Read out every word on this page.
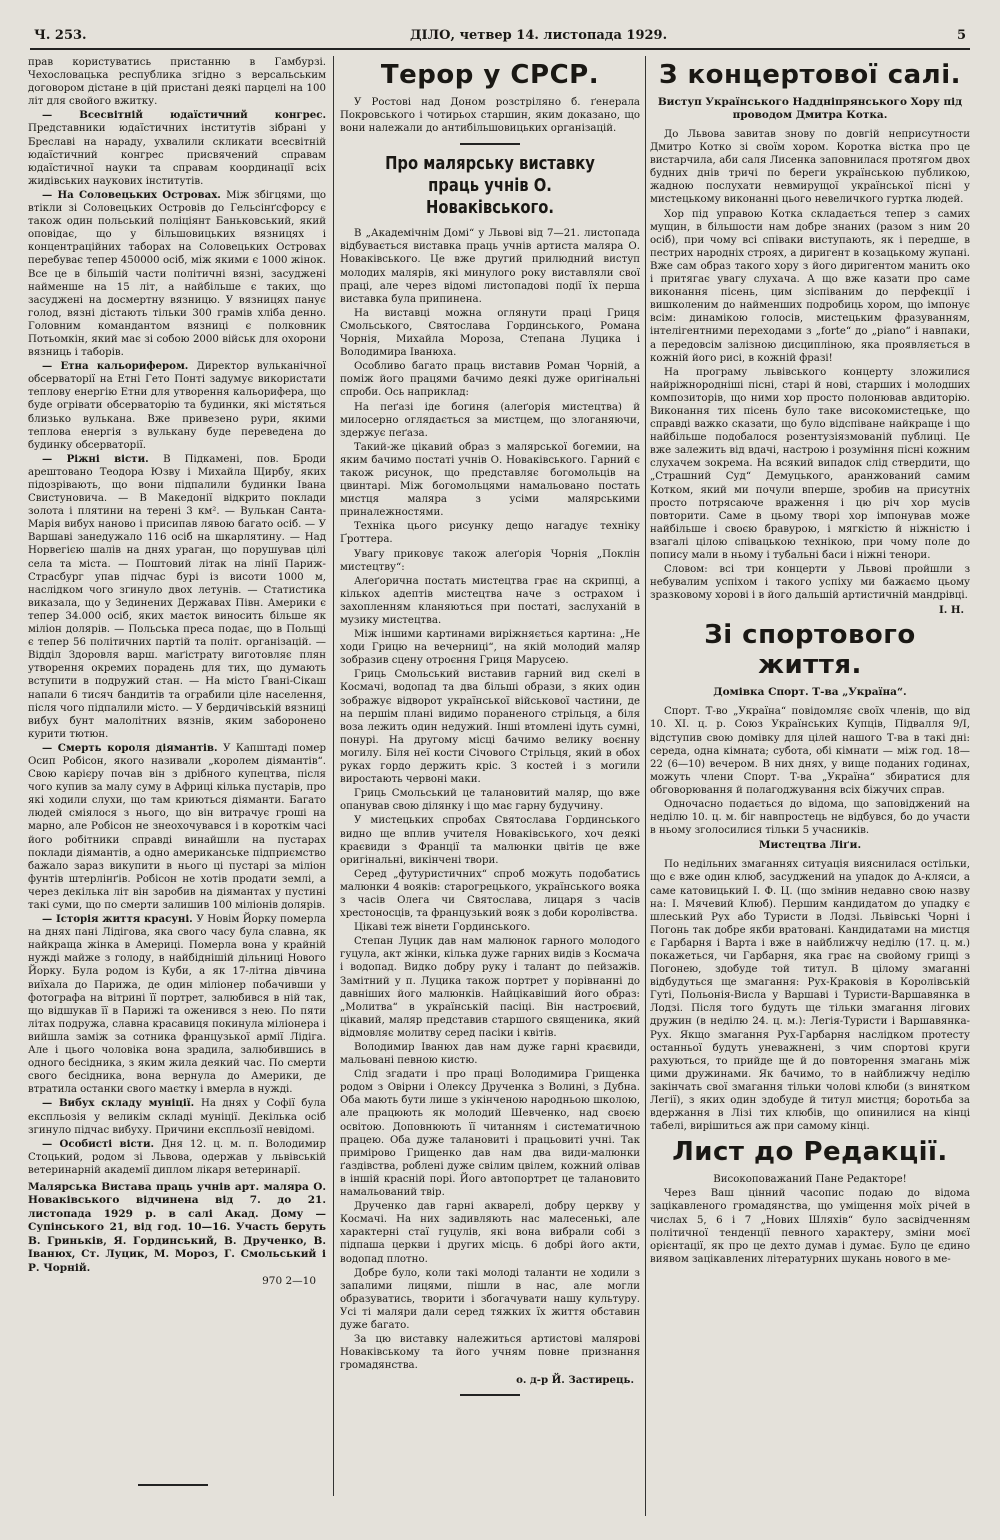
Ч. 253.	ДІЛО, четвер 14. листопада 1929.	5

прав користуватись пристанню в Гамбурзі. Чехословацька республика згідно з версальським договором дістане в цій пристані деякі парцелі на 100 літ для свойого вжитку.

— Всесвітній юдаїстичний конгрес. Представники юдаїстичних інститутів зібрані у Бреславі на нараду, ухвалили скликати всесвітній юдаїстичний конгрес присвячений справам юдаїстичної науки та справам координації всіх жидівських наукових інститутів.

— На Соловецьких Островах. Між збігцями, що втікли зі Соловецьких Островів до Гельсінґсфорсу є також один польський поліціянт Баньковський, який оповідає, що у більшовицьких вязницях і концентраційних таборах на Соловецьких Островах перебуває тепер 450000 осіб, між якими є 1000 жінок. Все це в більшій части політичні вязні, засуджені найменше на 15 літ, а найбільше є таких, що засуджені на досмертну вязницю. У вязницях панує голод, вязні дістають тільки 300 грамів хліба денно. Головним командантом вязниці є полковник Потьомкін, який має зі собою 2000 військ для охорони вязниць і таборів.

— Етна кальорифером. Директор вульканічної обсерваторії на Етні Гето Понті задумує використати теплову енергію Етни для утворення кальорифера, що буде огрівати обсерваторію та будинки, які містяться близько вульканa. Вже привезено рури, якими теплова енергія з вулькану буде переведена до будинку обсерваторії.

— Ріжні вісти. В Підкамені, пов. Броди арештовано Теодора Юзву і Михайла Щирбу, яких підозрівають, що вони підпалили будинки Івана Свистуновича. — В Македонії відкрито поклади золота і плятини на терені 3 км². — Вулькан Санта-Марія вибух наново і присипав лявою багато осіб. — У Варшаві занедужало 116 осіб на шкарлятину. — Над Норвегією шалів на днях ураган, що порушував цілі села та міста. — Поштовий літак на лінії Париж-Страсбург упав підчас бурі із висоти 1000 м, наслідком чого згинуло двох летунів. — Статистика виказала, що у Зединених Державах Півн. Америки є тепер 34.000 осіб, яких маєток виносить більше як міліон долярів. — Польська преса подає, що в Польщі є тепер 56 політичних партій та політ. організацій. — Відділ Здоровля варш. маґістрату виготовляє плян утворення окремих порадень для тих, що думають вступити в подружий стан. — На місто Ґвані-Сікаш напали 6 тисяч бандитів та ограбили ціле населення, після чого підпалили місто. — У бердичівській вязниці вибух бунт малолітних вязнів, яким заборонено курити тютюн.

— Смерть короля діямантів. У Капштаді помер Осип Робісон, якого називали „королем діямантів“. Свою карієру почав він з дрібного купецтва, після чого купив за малу суму в Африці кілька пустарів, про які ходили слухи, що там криються діяманти. Багато людей сміялося з нього, що він витрачує гроші на марно, але Робісон не знеохочувався і в короткім часі його робітники справді винайшли на пустарах поклади діямантів, а одно американське підприємство бажало зараз викупити в нього ці пустарі за міліон фунтів штерлінґів. Робісон не хотів продати землі, а через декілька літ він заробив на діямантах у пустині такі суми, що по смерти залишив 100 міліонів долярів.

— Історія життя красуні. У Новім Йорку померла на днях пані Лідігова, яка свого часу була славна, як найкраща жінка в Америці. Померла вона у крайній нужді майже з голоду, в найбіднішій дільниці Нового Йорку. Була родом із Куби, а як 17-літна дівчина виїхала до Парижа, де один міліонер побачивши у фотографа на вітрині її портрет, залюбився в ній так, що відшукав її в Парижі та оженився з нею. По пяти літах подружа, славна красавиця покинула міліонера і вийшла заміж за сотника французької армії Лідіга. Але і цього чоловіка вона зрадила, залюбившись в одного бесідника, з яким жила деякий час. По смерти свого бесідника, вона вернула до Америки, де втратила останки свого маєтку і вмерла в нужді.

— Вибух складу муніції. На днях у Софії була експльозія у великім складі муніції. Декілька осіб згинуло підчас вибуху. Причини експльозії невідомі.

— Особисті вісти. Дня 12. ц. м. п. Володимир Стоцький, родом зі Львова, одержав у львівській ветеринарній академії диплом лікаря ветеринарії.

Малярська Виставa праць учнів арт. маляра О. Новаківського відчинена від 7. до 21. листопада 1929 р. в салі Акад. Дому — Супінського 21, від год. 10—16. Участь беруть В. Гриньків, Я. Гординський, В. Друченко, В. Іванюх, Ст. Луцик, М. Мороз, Г. Смольський і Р. Чорній.
970 2—10
Терор у СРСР.

У Ростові над Доном розстріляно б. ґенерала Покровського і чотирьох старшин, яким доказано, що вони належали до антибільшовицьких організацій.

Про малярську виставку праць учнів О. Новаківського.

В „Академічнім Домі“ у Львові від 7—21. листопада відбувається виставка праць учнів артиста маляра О. Новаківського. Це вже другий прилюдний виступ молодих малярів, які минулого року виставляли свої праці, але через відомі листопадові події їх перша виставка була припинена.

На виставці можна оглянути праці Гриця Смольського, Святослава Гординського, Романа Чорнія, Михайла Мороза, Степана Луцика і Володимира Іванюха.

Особливо багато праць виставив Роман Чорній, а поміж його працями бачимо деякі дуже оригінальні спроби. Ось наприклад:

На пеґазі іде богиня (алеґорія мистецтва) й милосерно оглядається за мистцем, що злоганяючи, здержує пеґаза.

Такий-же цікавий образ з малярської богемии, на яким бачимо постаті учнів О. Новаківського. Гарний є також рисунок, що представляє богомольців на цвинтарі. Між богомольцями намальовано постать мистця маляра з усіми малярськими приналежностями.

Техніка цього рисунку дещо нагадує техніку Ґроттера.

Увагу приковує також алеґорія Чорнія „Поклін мистецтву“:

Алеґорична постать мистецтва грає на скрипці, а кількох адептів мистецтва наче з острахом і захопленням кланяються при постаті, заслуханій в музику мистецтва.

Між іншими картинами виріжняється картина: „Не ходи Грицю на вечерниці“, на якій молодий маляр зобразив сцену отроєння Гриця Марусею.

Гриць Смольський виставив гарний вид скелі в Космачі, водопад та два більші образи, з яких один зображує відворот української військової частини, де на першім плані видимо пораненого стрільця, а біля воза лежить один недужий. Інші втомлені ідуть сумні, понурі. На другому місці бачимо велику воєнну могилу. Біля неї кости Січового Стрільця, який в обох руках гордо держить кріс. З костей і з могили виростають червоні маки.

Гриць Смольський це талановитий маляр, що вже опанував свою ділянку і що має гарну будучину.

У мистецьких спробах Святослава Гординського видно ще вплив учителя Новаківського, хоч деякі краєвиди з Франції та малюнки цвітів це вже оригінальні, викінчені твори.

Серед „футуристичних“ спроб можуть подобатись малюнки 4 вояків: старогрецького, українського вояка з часів Олега чи Святослава, лицаря з часів хрестоносців, та французький вояк з доби королівства.

Цікаві теж вінети Гординського.

Степан Луцик дав нам малюнок гарного молодого гуцула, акт жінки, кілька дуже гарних видів з Космача і водопад. Видко добру руку і талант до пейзажів. Замітний у п. Луцика також портрет у порівнанні до давніших його малюнків. Найцікавіший його образ: „Молитва“ в українській пасіці. Він настроєвий, цікавий, маляр представив старшого священика, який відмовляє молитву серед пасіки і квітів.

Володимир Іванюх дав нам дуже гарні краєвиди, мальовані певною кистю.

Слід згадати і про праці Володимира Грищенка родом з Овірни і Олексу Друченка з Волині, з Дубна. Оба мають бути лише з укінченою народньою школою, але працюють як молодий Шевченко, над своєю освітою. Доповнюють її читанням і систематичною працею. Оба дуже талановиті і працьовиті учні. Так примірово Грищенко дав нам два види-малюнки ґаздівства, роблені дуже свілим цвілем, кожний олівав в іншій красній порі. Його автопортрет це талановито намальований твір.

Друченко дав гарні акварелі, добру церкву у Космачі. На них задивляють нас малесенькі, але характерні стаї гуцулів, які вона вибрали собі з підпаша церкви і других місць. 6 добрі його акти, водопад плотно.

Добре було, коли такі молоді таланти не ходили з запалими лицями, пішли в нас, але могли образуватись, творити і збогачувати нашу культуру. Усі ті маляри дали серед тяжких їх життя обставин дуже багато.

За цю виставку належиться артистові малярові Новаківському та його учням повне признання громадянства.

о. д-р Й. Застирець.
З концертової салі.
Виступ Українського Наддніпрянського Хору під проводом Дмитра Котка.

До Львова завитав знову по довгій неприсутности Дмитро Котко зі своїм хором. Коротка вістка про це вистарчила, аби саля Лисенка заповнилася протягом двох будних днів тричі по береги українською публикою, жадною послухати невмирущої української пісні у мистецькому виконанні цього невеличкого гуртка людей.

Хор під управою Котка складається тепер з самих мущин, в більшости нам добре знаних (разом з ним 20 осіб), при чому всі співаки виступають, як і передше, в пестрих народніх строях, а диригент в козацькому жупані. Вже сам образ такого хору з його диригентом манить око і притягає увагу слухача. А що вже казати про саме виконання пісень, цим зіспіваним до перфекції і вишколеним до найменших подробиць хором, що імпонує всім: динамікою голосів, мистецьким фразуванням, інтелігентними переходами з „forte“ до „piano“ і навпаки, а передовсім залізною дисципліною, яка проявляється в кожній його рисі, в кожній фразі!

На програму львівського концерту зложилися найріжнородніші пісні, старі й нові, старших і молодших композиторів, що ними хор просто полонював авдиторію. Виконання тих пісень було таке високомистецьке, що справді важко сказати, що було відспіване найкраще і що найбільше подобалося розентузіязмованій публиці. Це вже залежить від вдачі, настрою і розуміння пісні кожним слухачем зокрема. На всякий випадок слід ствердити, що „Страшний Суд“ Демуцького, аранжований самим Котком, який ми почули вперше, зробив на присутніх просто потрясаюче враження і цю річ хор мусів повторити. Саме в цьому творі хор імпонував може найбільше і своєю бравурою, і мягкістю й ніжністю і взагалі цілою співацькою технікою, при чому поле до попису мали в ньому і тубальні баси і ніжні тенори.

Словом: всі три концерти у Львові пройшли з небувалим успіхом і такого успіху ми бажаємо цьому зразковому хорові і в його дальшій артистичній мандрівці.

І. Н.
Зі спортового життя.
Домівка Спорт. Т-ва „Україна“.

Спорт. Т-во „Україна“ повідомляє своїх членів, що від 10. XI. ц. р. Союз Українських Купців, Підвалля 9/І, відступив свою домівку для цілей нашого Т-ва в такі дні: середа, одна кімната; субота, обі кімнати — між год. 18—22 (6—10) вечером. В них днях, у вище поданих годинах, можуть члени Спорт. Т-ва „Україна“ збиратися для обговорювання й полагоджування всіх біжучих справ.

Одночасно подається до відома, що заповіджений на неділю 10. ц. м. біг навпростець не відбувся, бо до участи в ньому зголосилися тільки 5 учасників.

Мистецтва Ліґи.

По недільних змаганнях ситуація вияснилася остільки, що є вже один клюб, засуджений на упадок до А-кляси, а саме катовицький І. Ф. Ц. (що змінив недавно свою назву на: І. Мячевий Клюб). Першим кандидатом до упадку є шлеський Рух або Туристи в Лодзі. Львівські Чорні і Погонь так добре якби вратовані. Кандидатами на мистця є Гарбарня і Варта і вже в найближчу неділю (17. ц. м.) покажеться, чи Гарбарня, яка грає на свойому грищі з Погонею, здобуде той титул. В цілому змаганні відбудуться ще змагання: Рух-Краковія в Королівській Гуті, Польонія-Висла у Варшаві і Туристи-Варшавянка в Лодзі. Після того будуть ще тільки змагання лігових дружин (в неділю 24. ц. м.): Легія-Туристи і Варшавянка-Рух. Якщо змагання Рух-Гарбарня наслідком протесту останньої будуть уневажнені, з чим спортові круги рахуються, то прийде ще й до повторення змагань між цими дружинами. Як бачимо, то в найближчу неділю закінчать свої змагання тільки чолові клюби (з винятком Легії), з яких один здобуде й титул мистця; боротьба за вдержання в Лізі тих клюбів, що опинилися на кінці табелі, вирішиться аж при самому кінці.

Лист до Редакції.

Високоповажаний Пане Редакторе!

Через Ваш цінний часопис подаю до відома зацікавленого громадянства, що уміщення моїх річей в числах 5, 6 і 7 „Нових Шляхів“ було засвідченням політичної тенденції певного характеру, зміни моєї орієнтації, як про це дехто думав і думає. Було це єдино виявом зацікавлених літературних шукань нового в ме-
